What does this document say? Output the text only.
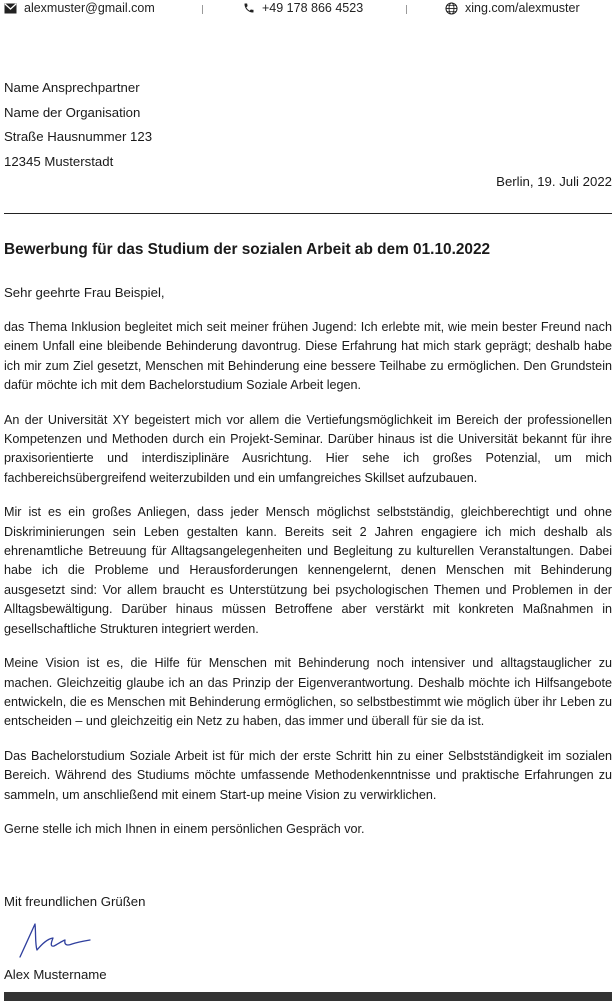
alexmuster@gmail.com	+49 178 866 4523	xing.com/alexmuster
Name Ansprechpartner
Name der Organisation
Straße Hausnummer 123
12345 Musterstadt
Berlin, 19. Juli 2022
Bewerbung für das Studium der sozialen Arbeit ab dem 01.10.2022
Sehr geehrte Frau Beispiel,

das Thema Inklusion begleitet mich seit meiner frühen Jugend: Ich erlebte mit, wie mein bester Freund nach einem Unfall eine bleibende Behinderung davontrug. Diese Erfahrung hat mich stark geprägt; deshalb habe ich mir zum Ziel gesetzt, Menschen mit Behinderung eine bessere Teilhabe zu ermöglichen. Den Grundstein dafür möchte ich mit dem Bachelorstudium Soziale Arbeit legen.

An der Universität XY begeistert mich vor allem die Vertiefungsmöglichkeit im Bereich der professionellen Kompetenzen und Methoden durch ein Projekt-Seminar. Darüber hinaus ist die Universität bekannt für ihre praxisorientierte und interdisziplinäre Ausrichtung. Hier sehe ich großes Potenzial, um mich fachbereichsübergreifend weiterzubilden und ein umfangreiches Skillset aufzubauen.

Mir ist es ein großes Anliegen, dass jeder Mensch möglichst selbstständig, gleichberechtigt und ohne Diskriminierungen sein Leben gestalten kann. Bereits seit 2 Jahren engagiere ich mich deshalb als ehrenamtliche Betreuung für Alltagsangelegenheiten und Begleitung zu kulturellen Veranstaltungen. Dabei habe ich die Probleme und Herausforderungen kennengelernt, denen Menschen mit Behinderung ausgesetzt sind: Vor allem braucht es Unterstützung bei psychologischen Themen und Problemen in der Alltagsbewältigung. Darüber hinaus müssen Betroffene aber verstärkt mit konkreten Maßnahmen in gesellschaftliche Strukturen integriert werden.

Meine Vision ist es, die Hilfe für Menschen mit Behinderung noch intensiver und alltagstauglicher zu machen. Gleichzeitig glaube ich an das Prinzip der Eigenverantwortung. Deshalb möchte ich Hilfsangebote entwickeln, die es Menschen mit Behinderung ermöglichen, so selbstbestimmt wie möglich über ihr Leben zu entscheiden – und gleichzeitig ein Netz zu haben, das immer und überall für sie da ist.

Das Bachelorstudium Soziale Arbeit ist für mich der erste Schritt hin zu einer Selbstständigkeit im sozialen Bereich. Während des Studiums möchte umfassende Methodenkenntnisse und praktische Erfahrungen zu sammeln, um anschließend mit einem Start-up meine Vision zu verwirklichen.

Gerne stelle ich mich Ihnen in einem persönlichen Gespräch vor.

Mit freundlichen Grüßen
Alex Mustername
